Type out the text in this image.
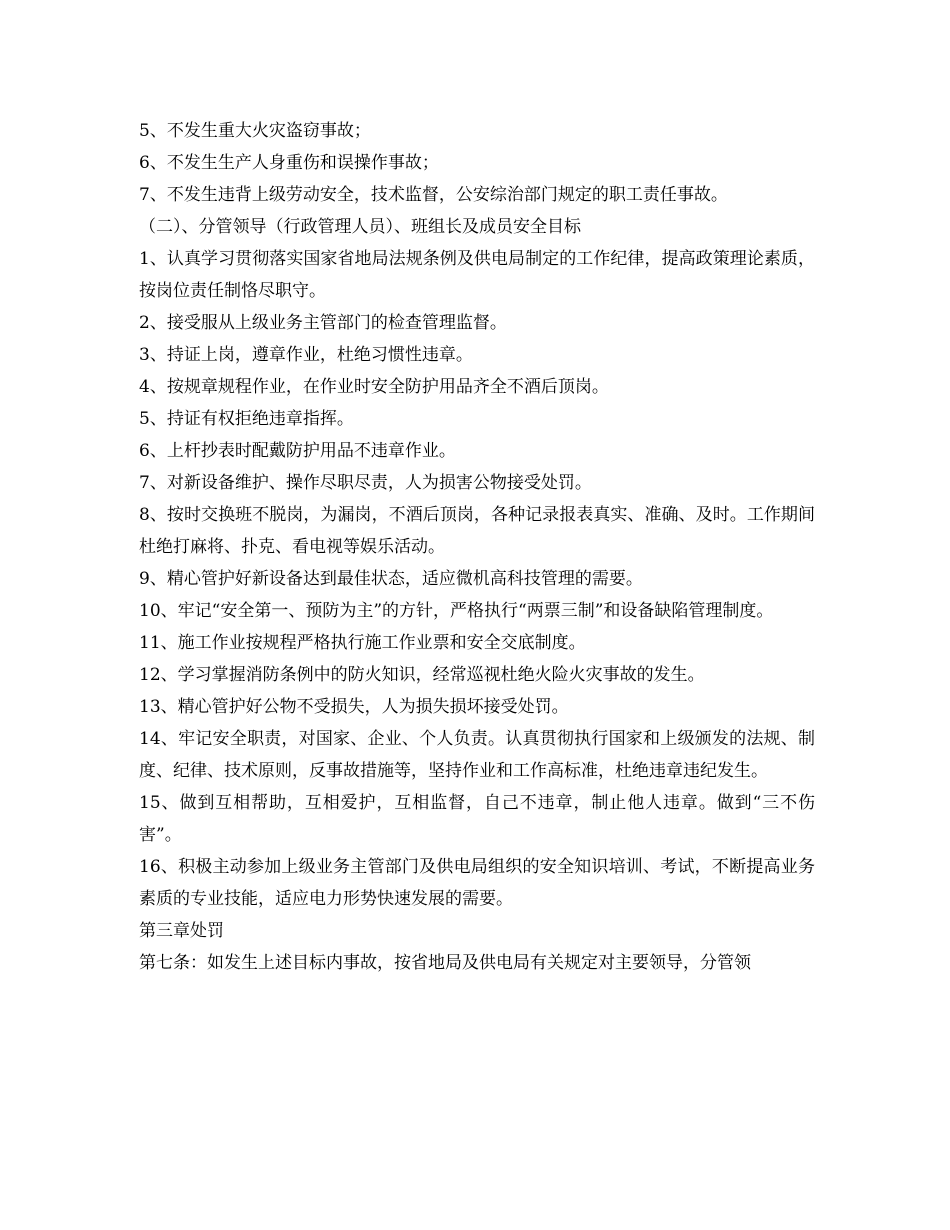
5、不发生重大火灾盗窃事故；

6、不发生生产人身重伤和误操作事故；

7、不发生违背上级劳动安全，技术监督，公安综治部门规定的职工责任事故。

（二）、分管领导（行政管理人员）、班组长及成员安全目标

1、认真学习贯彻落实国家省地局法规条例及供电局制定的工作纪律，提高政策理论素质，按岗位责任制恪尽职守。

2、接受服从上级业务主管部门的检查管理监督。

3、持证上岗，遵章作业，杜绝习惯性违章。

4、按规章规程作业，在作业时安全防护用品齐全不酒后顶岗。

5、持证有权拒绝违章指挥。

6、上杆抄表时配戴防护用品不违章作业。

7、对新设备维护、操作尽职尽责，人为损害公物接受处罚。

8、按时交换班不脱岗，为漏岗，不酒后顶岗，各种记录报表真实、准确、及时。工作期间杜绝打麻将、扑克、看电视等娱乐活动。

9、精心管护好新设备达到最佳状态，适应微机高科技管理的需要。

10、牢记“安全第一、预防为主”的方针，严格执行“两票三制”和设备缺陷管理制度。

11、施工作业按规程严格执行施工作业票和安全交底制度。

12、学习掌握消防条例中的防火知识，经常巡视杜绝火险火灾事故的发生。

13、精心管护好公物不受损失，人为损失损坏接受处罚。

14、牢记安全职责，对国家、企业、个人负责。认真贯彻执行国家和上级颁发的法规、制度、纪律、技术原则，反事故措施等，坚持作业和工作高标准，杜绝违章违纪发生。

15、做到互相帮助，互相爱护，互相监督，自己不违章，制止他人违章。做到“三不伤害”。

16、积极主动参加上级业务主管部门及供电局组织的安全知识培训、考试，不断提高业务素质的专业技能，适应电力形势快速发展的需要。

第三章处罚

第七条：如发生上述目标内事故，按省地局及供电局有关规定对主要领导，分管领
